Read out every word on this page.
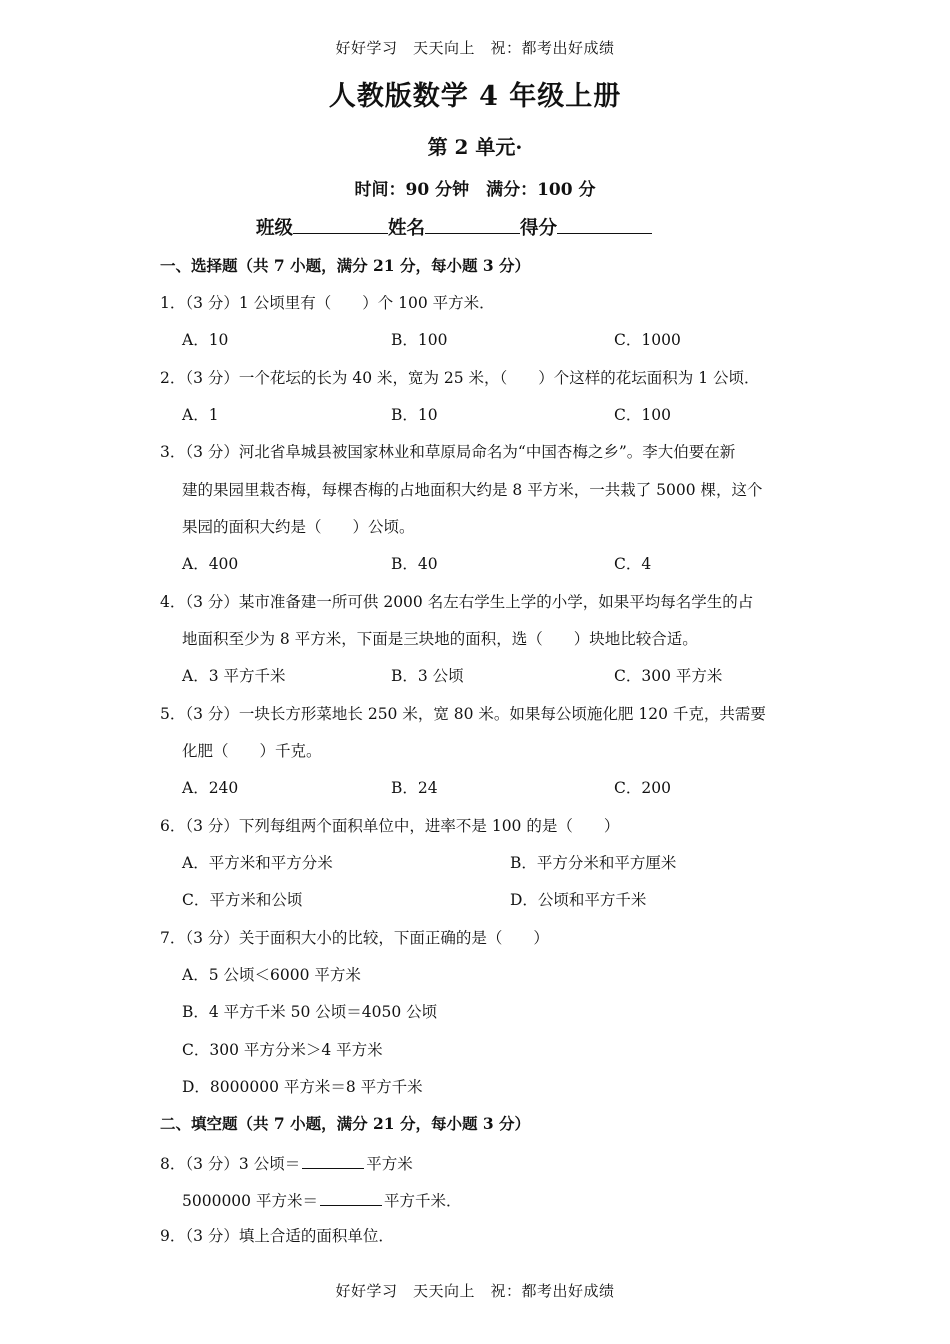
好好学习　天天向上　祝：都考出好成绩
人教版数学 4 年级上册
第 2 单元·
时间：90 分钟　满分：100 分
班级	姓名	得分
一、选择题（共 7 小题，满分 21 分，每小题 3 分）
1．（3 分）1 公顷里有（　　）个 100 平方米．
A．10	B．100	C．1000
2．（3 分）一个花坛的长为 40 米，宽为 25 米，（　　）个这样的花坛面积为 1 公顷．
A．1	B．10	C．100
3．（3 分）河北省阜城县被国家林业和草原局命名为“中国杏梅之乡”。李大伯要在新
建的果园里栽杏梅，每棵杏梅的占地面积大约是 8 平方米，一共栽了 5000 棵，这个
果园的面积大约是（　　）公顷。
A．400	B．40	C．4
4．（3 分）某市准备建一所可供 2000 名左右学生上学的小学，如果平均每名学生的占
地面积至少为 8 平方米，下面是三块地的面积，选（　　）块地比较合适。
A．3 平方千米	B．3 公顷	C．300 平方米
5．（3 分）一块长方形菜地长 250 米，宽 80 米。如果每公顷施化肥 120 千克，共需要
化肥（　　）千克。
A．240	B．24	C．200
6．（3 分）下列每组两个面积单位中，进率不是 100 的是（　　）
A．平方米和平方分米	B．平方分米和平方厘米
C．平方米和公顷	D．公顷和平方千米
7．（3 分）关于面积大小的比较，下面正确的是（　　）
A．5 公顷＜6000 平方米
B．4 平方千米 50 公顷＝4050 公顷
C．300 平方分米＞4 平方米
D．8000000 平方米＝8 平方千米
二、填空题（共 7 小题，满分 21 分，每小题 3 分）
8．（3 分）3 公顷＝	平方米
5000000 平方米＝	平方千米．
9．（3 分）填上合适的面积单位．
好好学习　天天向上　祝：都考出好成绩
